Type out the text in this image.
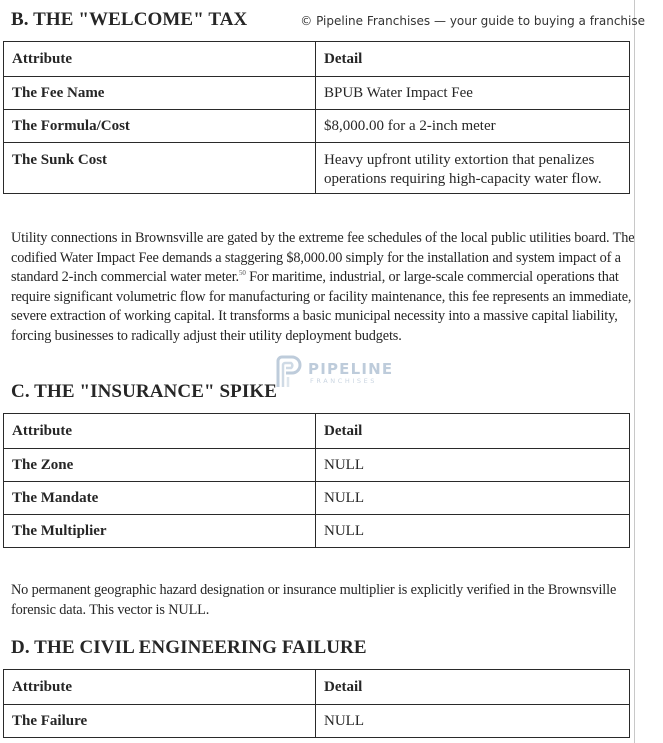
B. THE "WELCOME" TAX
Attribute	Detail
The Fee Name	BPUB Water Impact Fee
The Formula/Cost	$8,000.00 for a 2-inch meter
The Sunk Cost	Heavy upfront utility extortion that penalizes operations requiring high-capacity water flow.

Utility connections in Brownsville are gated by the extreme fee schedules of the local public utilities board. The codified Water Impact Fee demands a staggering $8,000.00 simply for the installation and system impact of a standard 2-inch commercial water meter.$^{50}$ For maritime, industrial, or large-scale commercial operations that require significant volumetric flow for manufacturing or facility maintenance, this fee represents an immediate, severe extraction of working capital. It transforms a basic municipal necessity into a massive capital liability, forcing businesses to radically adjust their utility deployment budgets.

PIPELINE
FRANCHISES
C. THE "INSURANCE" SPIKE
Attribute	Detail
The Zone	NULL
The Mandate	NULL
The Multiplier	NULL

No permanent geographic hazard designation or insurance multiplier is explicitly verified in the Brownsville forensic data. This vector is NULL.

D. THE CIVIL ENGINEERING FAILURE
Attribute	Detail
The Failure	NULL
© Pipeline Franchises — your guide to buying a franchise
